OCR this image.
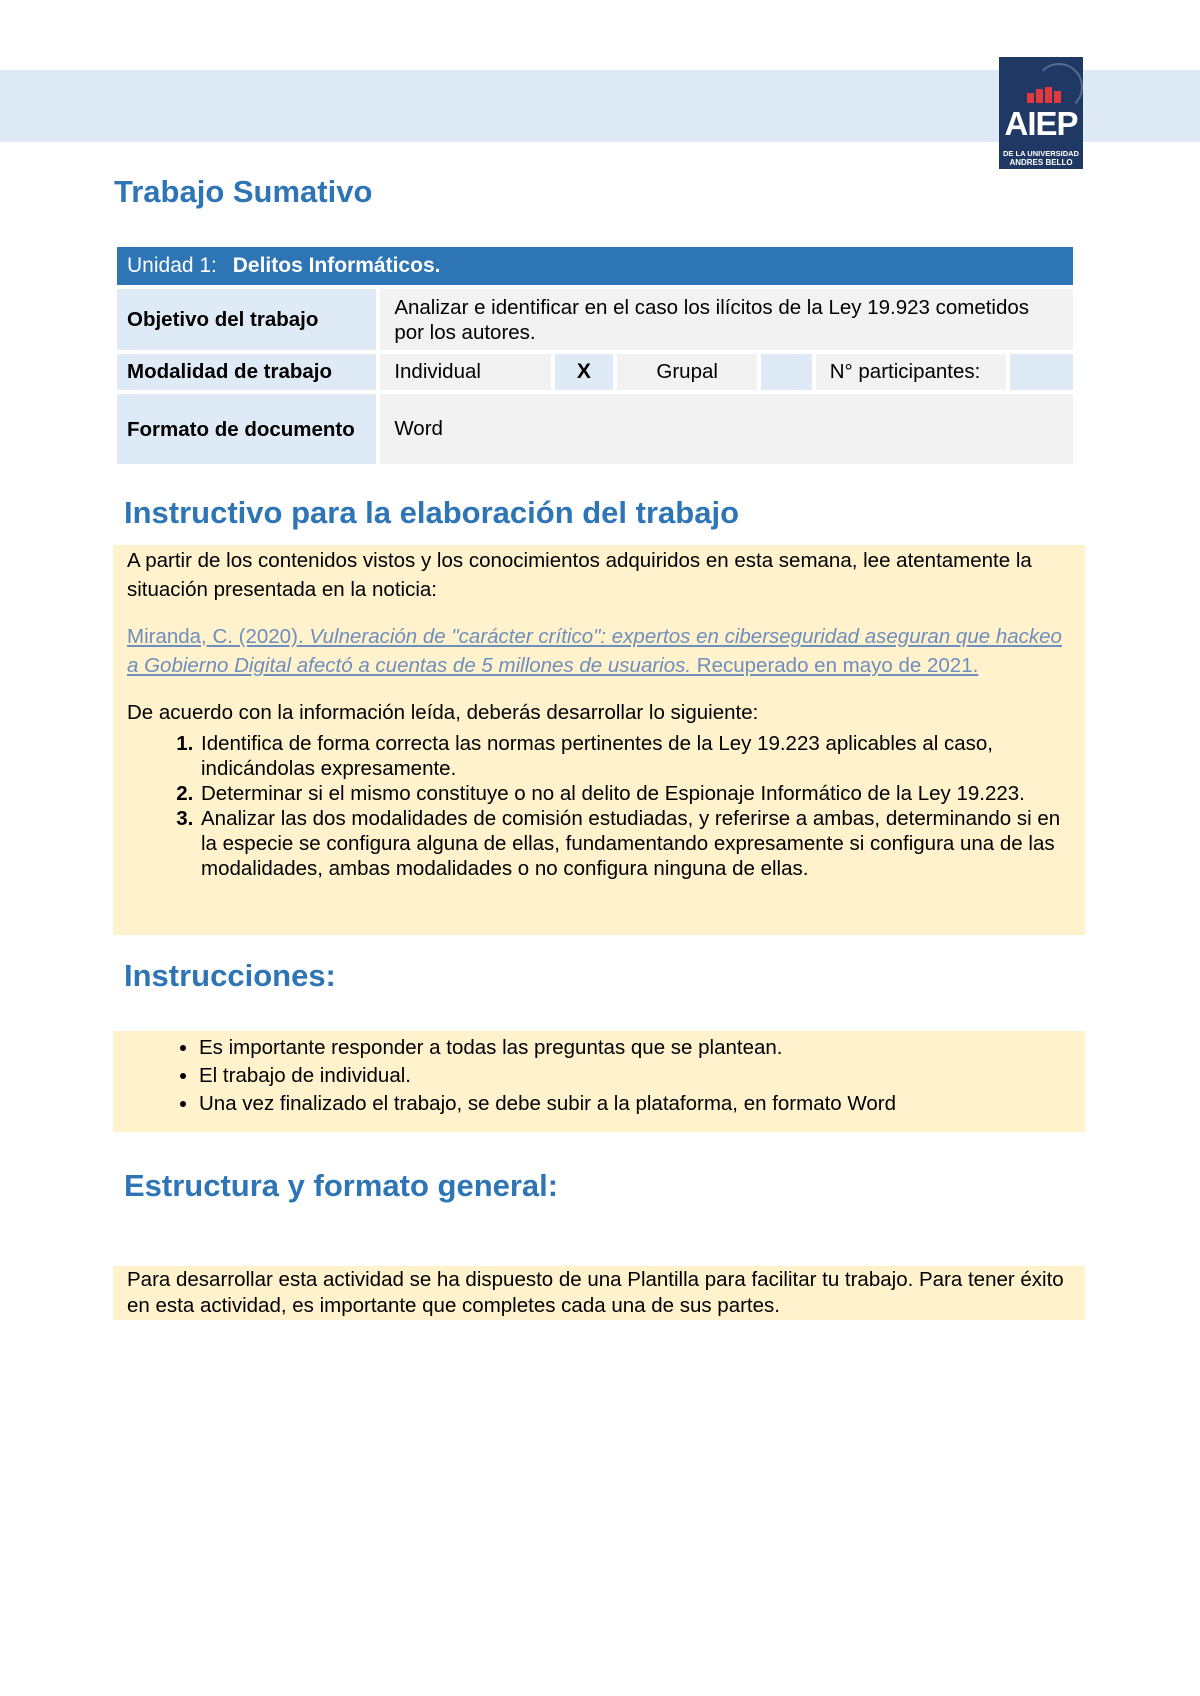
AIEP
DE LA UNIVERSIDAD
ANDRES BELLO
Trabajo Sumativo
Unidad 1: Delitos Informáticos.						
Objetivo del trabajo	Analizar e identificar en el caso los ilícitos de la Ley 19.923 cometidos por los autores.					
Modalidad de trabajo	Individual	X	Grupal		N° participantes:	
Formato de documento	Word					
Instructivo para la elaboración del trabajo

A partir de los contenidos vistos y los conocimientos adquiridos en esta semana, lee atentamente la situación presentada en la noticia:

Miranda, C. (2020). Vulneración de "carácter crítico": expertos en ciberseguridad aseguran que hackeo a Gobierno Digital afectó a cuentas de 5 millones de usuarios. Recuperado en mayo de 2021.

De acuerdo con la información leída, deberás desarrollar lo siguiente:

1. Identifica de forma correcta las normas pertinentes de la Ley 19.223 aplicables al caso, indicándolas expresamente.
2. Determinar si el mismo constituye o no al delito de Espionaje Informático de la Ley 19.223.
3. Analizar las dos modalidades de comisión estudiadas, y referirse a ambas, determinando si en la especie se configura alguna de ellas, fundamentando expresamente si configura una de las modalidades, ambas modalidades o no configura ninguna de ellas.
Instrucciones:
• Es importante responder a todas las preguntas que se plantean.
• El trabajo de individual.
• Una vez finalizado el trabajo, se debe subir a la plataforma, en formato Word
Estructura y formato general:

Para desarrollar esta actividad se ha dispuesto de una Plantilla para facilitar tu trabajo. Para tener éxito en esta actividad, es importante que completes cada una de sus partes.
